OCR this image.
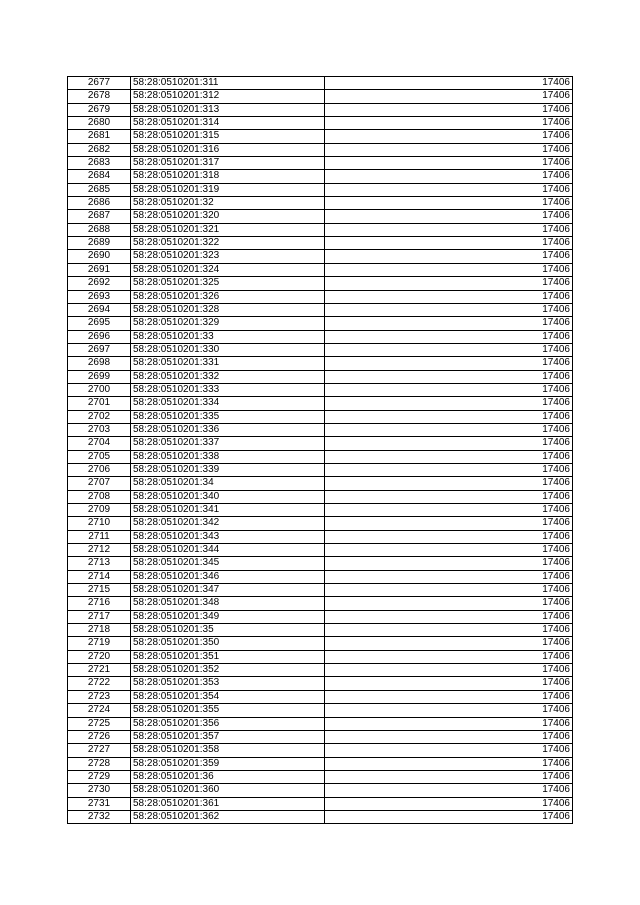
2677	58:28:0510201:311	17406
2678	58:28:0510201:312	17406
2679	58:28:0510201:313	17406
2680	58:28:0510201:314	17406
2681	58:28:0510201:315	17406
2682	58:28:0510201:316	17406
2683	58:28:0510201:317	17406
2684	58:28:0510201:318	17406
2685	58:28:0510201:319	17406
2686	58:28:0510201:32	17406
2687	58:28:0510201:320	17406
2688	58:28:0510201:321	17406
2689	58:28:0510201:322	17406
2690	58:28:0510201:323	17406
2691	58:28:0510201:324	17406
2692	58:28:0510201:325	17406
2693	58:28:0510201:326	17406
2694	58:28:0510201:328	17406
2695	58:28:0510201:329	17406
2696	58:28:0510201:33	17406
2697	58:28:0510201:330	17406
2698	58:28:0510201:331	17406
2699	58:28:0510201:332	17406
2700	58:28:0510201:333	17406
2701	58:28:0510201:334	17406
2702	58:28:0510201:335	17406
2703	58:28:0510201:336	17406
2704	58:28:0510201:337	17406
2705	58:28:0510201:338	17406
2706	58:28:0510201:339	17406
2707	58:28:0510201:34	17406
2708	58:28:0510201:340	17406
2709	58:28:0510201:341	17406
2710	58:28:0510201:342	17406
2711	58:28:0510201:343	17406
2712	58:28:0510201:344	17406
2713	58:28:0510201:345	17406
2714	58:28:0510201:346	17406
2715	58:28:0510201:347	17406
2716	58:28:0510201:348	17406
2717	58:28:0510201:349	17406
2718	58:28:0510201:35	17406
2719	58:28:0510201:350	17406
2720	58:28:0510201:351	17406
2721	58:28:0510201:352	17406
2722	58:28:0510201:353	17406
2723	58:28:0510201:354	17406
2724	58:28:0510201:355	17406
2725	58:28:0510201:356	17406
2726	58:28:0510201:357	17406
2727	58:28:0510201:358	17406
2728	58:28:0510201:359	17406
2729	58:28:0510201:36	17406
2730	58:28:0510201:360	17406
2731	58:28:0510201:361	17406
2732	58:28:0510201:362	17406
